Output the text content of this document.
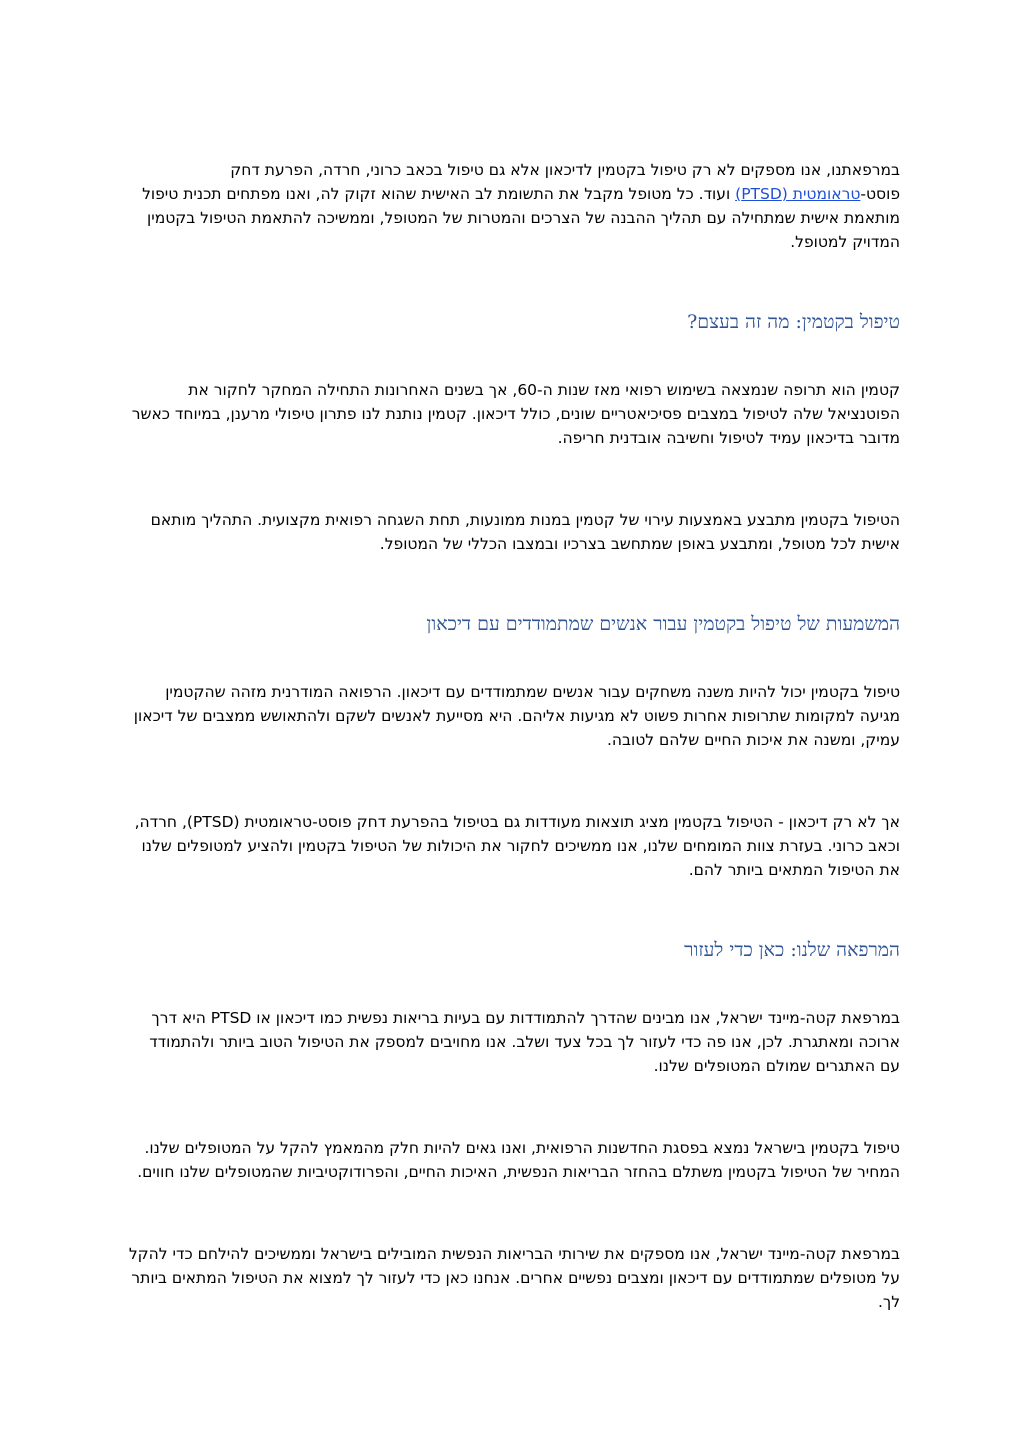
במרפאתנו, אנו מספקים לא רק טיפול בקטמין לדיכאון אלא גם טיפול בכאב כרוני, חרדה, הפרעת דחק פוסט-טראומטית (PTSD) ועוד. כל מטופל מקבל את התשומת לב האישית שהוא זקוק לה, ואנו מפתחים תכנית טיפול מותאמת אישית שמתחילה עם תהליך ההבנה של הצרכים והמטרות של המטופל, וממשיכה להתאמת הטיפול בקטמין המדויק למטופל.

טיפול בקטמין: מה זה בעצם?

קטמין הוא תרופה שנמצאה בשימוש רפואי מאז שנות ה-60, אך בשנים האחרונות התחילה המחקר לחקור את הפוטנציאל שלה לטיפול במצבים פסיכיאטריים שונים, כולל דיכאון. קטמין נותנת לנו פתרון טיפולי מרענן, במיוחד כאשר מדובר בדיכאון עמיד לטיפול וחשיבה אובדנית חריפה.

הטיפול בקטמין מתבצע באמצעות עירוי של קטמין במנות ממונעות, תחת השגחה רפואית מקצועית. התהליך מותאם אישית לכל מטופל, ומתבצע באופן שמתחשב בצרכיו ובמצבו הכללי של המטופל.

המשמעות של טיפול בקטמין עבור אנשים שמתמודדים עם דיכאון

טיפול בקטמין יכול להיות משנה משחקים עבור אנשים שמתמודדים עם דיכאון. הרפואה המודרנית מזהה שהקטמין מגיעה למקומות שתרופות אחרות פשוט לא מגיעות אליהם. היא מסייעת לאנשים לשקם ולהתאושש ממצבים של דיכאון עמיק, ומשנה את איכות החיים שלהם לטובה.

אך לא רק דיכאון - הטיפול בקטמין מציג תוצאות מעודדות גם בטיפול בהפרעת דחק פוסט-טראומטית (PTSD), חרדה, וכאב כרוני. בעזרת צוות המומחים שלנו, אנו ממשיכים לחקור את היכולות של הטיפול בקטמין ולהציע למטופלים שלנו את הטיפול המתאים ביותר להם.

המרפאה שלנו: כאן כדי לעזור

במרפאת קטה-מיינד ישראל, אנו מבינים שהדרך להתמודדות עם בעיות בריאות נפשית כמו דיכאון או PTSD היא דרך ארוכה ומאתגרת. לכן, אנו פה כדי לעזור לך בכל צעד ושלב. אנו מחויבים למספק את הטיפול הטוב ביותר ולהתמודד עם האתגרים שמולם המטופלים שלנו.

טיפול בקטמין בישראל נמצא בפסגת החדשנות הרפואית, ואנו גאים להיות חלק מהמאמץ להקל על המטופלים שלנו. המחיר של הטיפול בקטמין משתלם בהחזר הבריאות הנפשית, האיכות החיים, והפרודוקטיביות שהמטופלים שלנו חווים.

במרפאת קטה-מיינד ישראל, אנו מספקים את שירותי הבריאות הנפשית המובילים בישראל וממשיכים להילחם כדי להקל על מטופלים שמתמודדים עם דיכאון ומצבים נפשיים אחרים. אנחנו כאן כדי לעזור לך למצוא את הטיפול המתאים ביותר לך.
